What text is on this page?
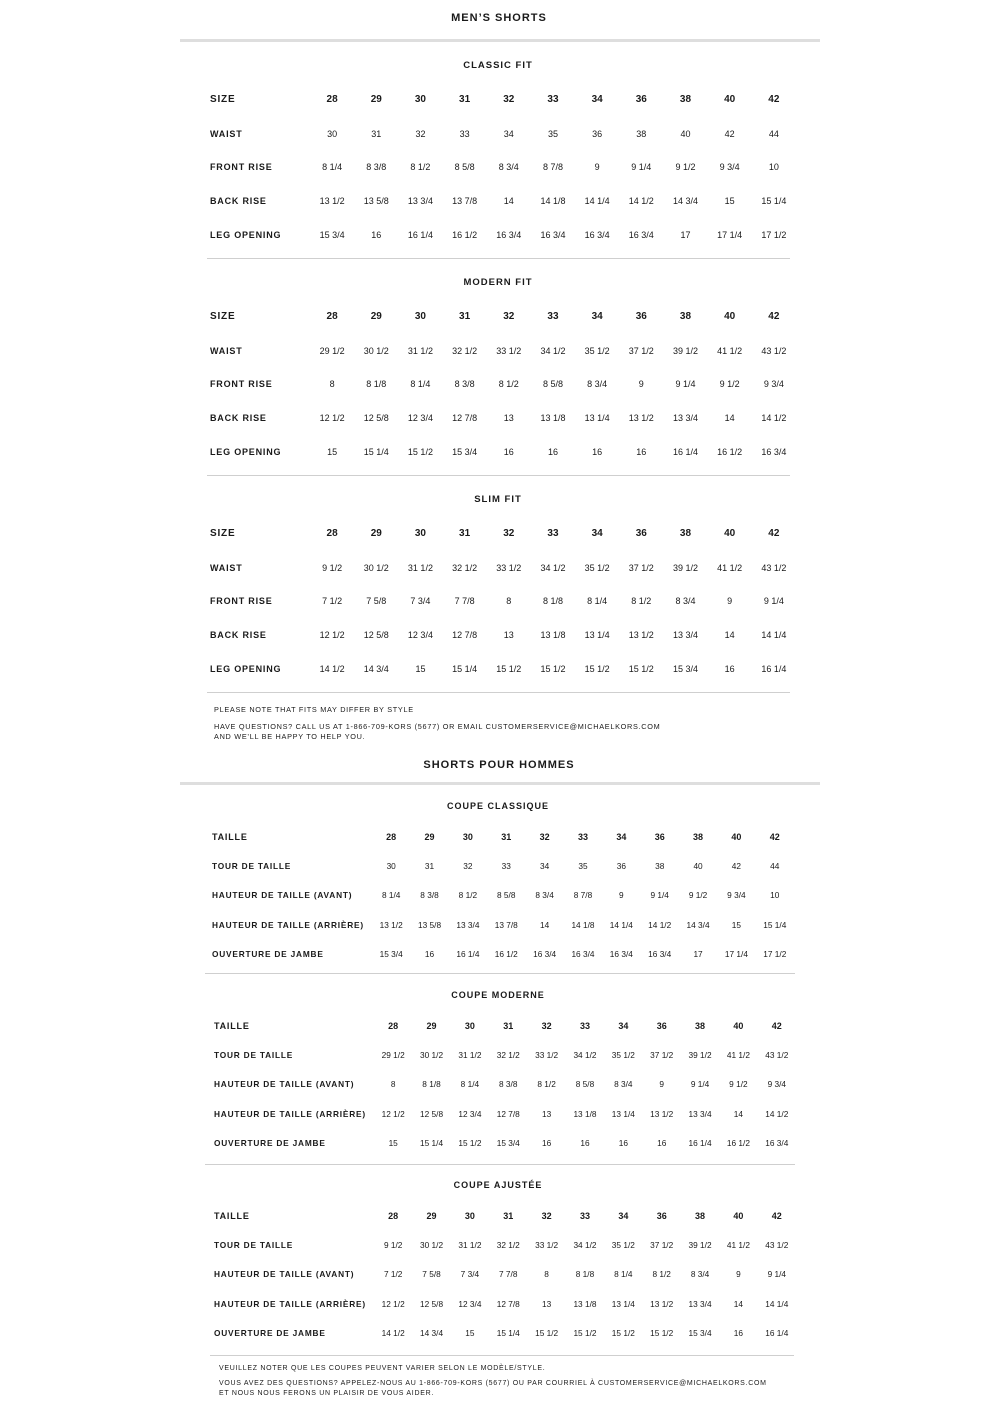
MEN’S SHORTS
CLASSIC FIT
SIZE	28	29	30	31	32	33	34	36	38	40	42
WAIST	30	31	32	33	34	35	36	38	40	42	44
FRONT RISE	8 1/4	8 3/8	8 1/2	8 5/8	8 3/4	8 7/8	9	9 1/4	9 1/2	9 3/4	10
BACK RISE	13 1/2	13 5/8	13 3/4	13 7/8	14	14 1/8	14 1/4	14 1/2	14 3/4	15	15 1/4
LEG OPENING	15 3/4	16	16 1/4	16 1/2	16 3/4	16 3/4	16 3/4	16 3/4	17	17 1/4	17 1/2
MODERN FIT
SIZE	28	29	30	31	32	33	34	36	38	40	42
WAIST	29 1/2	30 1/2	31 1/2	32 1/2	33 1/2	34 1/2	35 1/2	37 1/2	39 1/2	41 1/2	43 1/2
FRONT RISE	8	8 1/8	8 1/4	8 3/8	8 1/2	8 5/8	8 3/4	9	9 1/4	9 1/2	9 3/4
BACK RISE	12 1/2	12 5/8	12 3/4	12 7/8	13	13 1/8	13 1/4	13 1/2	13 3/4	14	14 1/2
LEG OPENING	15	15 1/4	15 1/2	15 3/4	16	16	16	16	16 1/4	16 1/2	16 3/4
SLIM FIT
SIZE	28	29	30	31	32	33	34	36	38	40	42
WAIST	9 1/2	30 1/2	31 1/2	32 1/2	33 1/2	34 1/2	35 1/2	37 1/2	39 1/2	41 1/2	43 1/2
FRONT RISE	7 1/2	7 5/8	7 3/4	7 7/8	8	8 1/8	8 1/4	8 1/2	8 3/4	9	9 1/4
BACK RISE	12 1/2	12 5/8	12 3/4	12 7/8	13	13 1/8	13 1/4	13 1/2	13 3/4	14	14 1/4
LEG OPENING	14 1/2	14 3/4	15	15 1/4	15 1/2	15 1/2	15 1/2	15 1/2	15 3/4	16	16 1/4
PLEASE NOTE THAT FITS MAY DIFFER BY STYLE
HAVE QUESTIONS? CALL US AT 1-866-709-KORS (5677) OR EMAIL CUSTOMERSERVICE@MICHAELKORS.COM
AND WE’LL BE HAPPY TO HELP YOU.
SHORTS POUR HOMMES
COUPE CLASSIQUE
TAILLE	28	29	30	31	32	33	34	36	38	40	42
TOUR DE TAILLE	30	31	32	33	34	35	36	38	40	42	44
HAUTEUR DE TAILLE (AVANT)	8 1/4	8 3/8	8 1/2	8 5/8	8 3/4	8 7/8	9	9 1/4	9 1/2	9 3/4	10
HAUTEUR DE TAILLE (ARRIÈRE)	13 1/2	13 5/8	13 3/4	13 7/8	14	14 1/8	14 1/4	14 1/2	14 3/4	15	15 1/4
OUVERTURE DE JAMBE	15 3/4	16	16 1/4	16 1/2	16 3/4	16 3/4	16 3/4	16 3/4	17	17 1/4	17 1/2
COUPE MODERNE
TAILLE	28	29	30	31	32	33	34	36	38	40	42
TOUR DE TAILLE	29 1/2	30 1/2	31 1/2	32 1/2	33 1/2	34 1/2	35 1/2	37 1/2	39 1/2	41 1/2	43 1/2
HAUTEUR DE TAILLE (AVANT)	8	8 1/8	8 1/4	8 3/8	8 1/2	8 5/8	8 3/4	9	9 1/4	9 1/2	9 3/4
HAUTEUR DE TAILLE (ARRIÈRE)	12 1/2	12 5/8	12 3/4	12 7/8	13	13 1/8	13 1/4	13 1/2	13 3/4	14	14 1/2
OUVERTURE DE JAMBE	15	15 1/4	15 1/2	15 3/4	16	16	16	16	16 1/4	16 1/2	16 3/4
COUPE AJUSTÉE
TAILLE	28	29	30	31	32	33	34	36	38	40	42
TOUR DE TAILLE	9 1/2	30 1/2	31 1/2	32 1/2	33 1/2	34 1/2	35 1/2	37 1/2	39 1/2	41 1/2	43 1/2
HAUTEUR DE TAILLE (AVANT)	7 1/2	7 5/8	7 3/4	7 7/8	8	8 1/8	8 1/4	8 1/2	8 3/4	9	9 1/4
HAUTEUR DE TAILLE (ARRIÈRE)	12 1/2	12 5/8	12 3/4	12 7/8	13	13 1/8	13 1/4	13 1/2	13 3/4	14	14 1/4
OUVERTURE DE JAMBE	14 1/2	14 3/4	15	15 1/4	15 1/2	15 1/2	15 1/2	15 1/2	15 3/4	16	16 1/4
VEUILLEZ NOTER QUE LES COUPES PEUVENT VARIER SELON LE MODÈLE/STYLE.
VOUS AVEZ DES QUESTIONS? APPELEZ-NOUS AU 1-866-709-KORS (5677) OU PAR COURRIEL À CUSTOMERSERVICE@MICHAELKORS.COM
ET NOUS NOUS FERONS UN PLAISIR DE VOUS AIDER.
